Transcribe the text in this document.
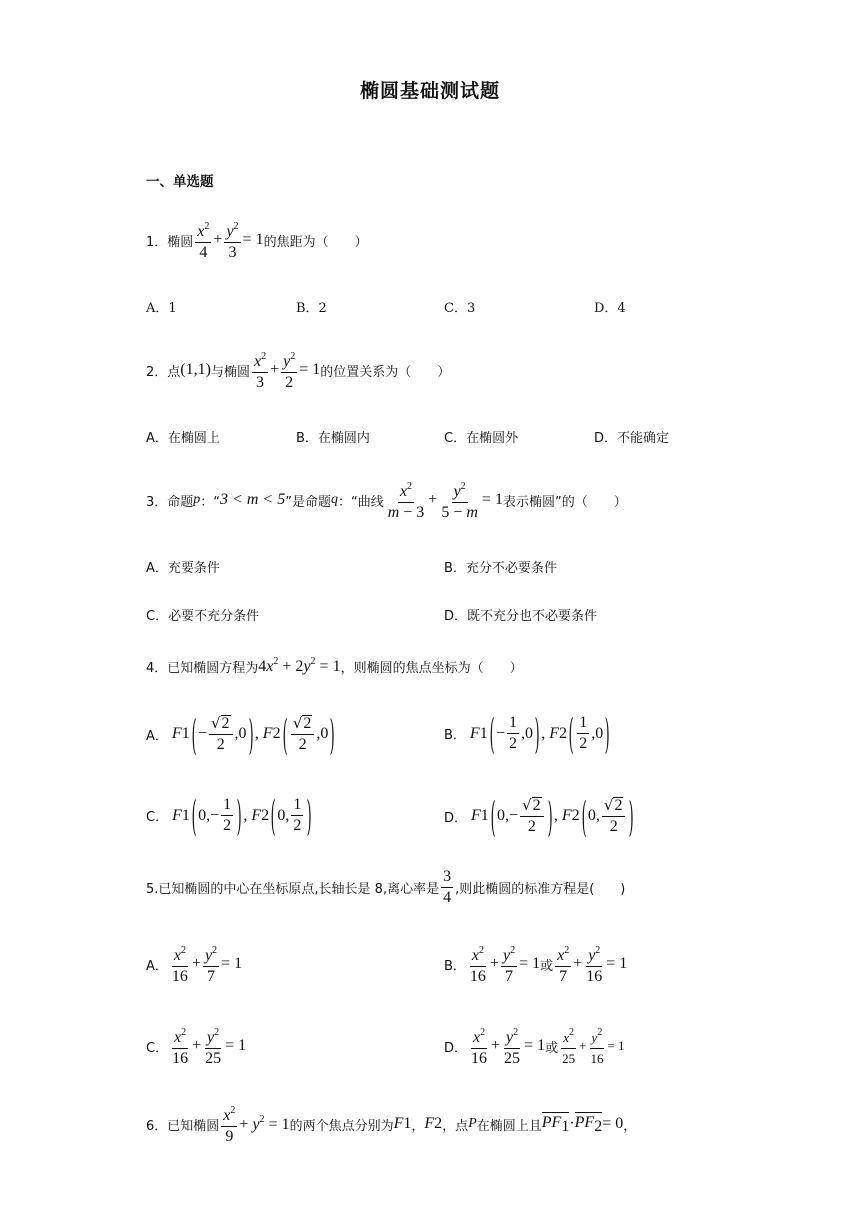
椭圆基础测试题
一、单选题
1． 椭圆 $\frac{x^2}{4} + \frac{y^2}{3} = 1$ 的焦距为（　　）
A．1	B．2	C．3	D．4
2． 点 (1,1) 与椭圆 $\frac{x^2}{3} + \frac{y^2}{2} = 1$ 的位置关系为（　　）
A．在椭圆上	B．在椭圆内	C．在椭圆外	D．不能确定
3． 命题 p ：“ 3 < m < 5 ”是命题 q ：“曲线 $\frac{x^2}{m - 3} + \frac{y^2}{5 - m} = 1$ 表示椭圆”的（　　）
A．充要条件	B．充分不必要条件
C．必要不充分条件	D．既不充分也不必要条件
4． 已知椭圆方程为 $4x^2 + 2y^2 = 1$ ，则椭圆的焦点坐标为（　　）
A． F 1 ( − $\frac{√ 2}{2} ,0$ ) , F 2 ( $\frac{√ 2}{2} ,0$ )	B． F 1 ( − $\frac{1}{2} ,0$ ) , F 2 ( $\frac{1}{2} ,0$ )
C． F 1 ( $0,- \frac{1}{2}$ ) , F 2 ( 0, $\frac{1}{2}$ )	D． F 1 ( $0,- \frac{√ 2}{2}$ ) , F 2 ( 0, $\frac{√ 2}{2}$ )
5.已知椭圆的中心在坐标原点,长轴长是 8,离心率是 $\frac{3}{4}$ ,则此椭圆的标准方程是(　　)
A． $\frac{x^2}{16} + \frac{y^2}{7} = 1$	B． $\frac{x^2}{16} + \frac{y^2}{7} = 1$ 或 $\frac{x^2}{7} + \frac{y^2}{16} = 1$
C． $\frac{x^2}{16} + \frac{y^2}{25} = 1$	D． $\frac{x^2}{16} + \frac{y^2}{25} = 1$ 或 $\frac{x^2}{25} + \frac{y^2}{16} = 1$
6． 已知椭圆 $\frac{x^2}{9} + y^2 = 1$ 的两个焦点分别为 F 1 ， F 2 ，点 P 在椭圆上且 $PF_1 \cdot PF_2 = 0$ ，
